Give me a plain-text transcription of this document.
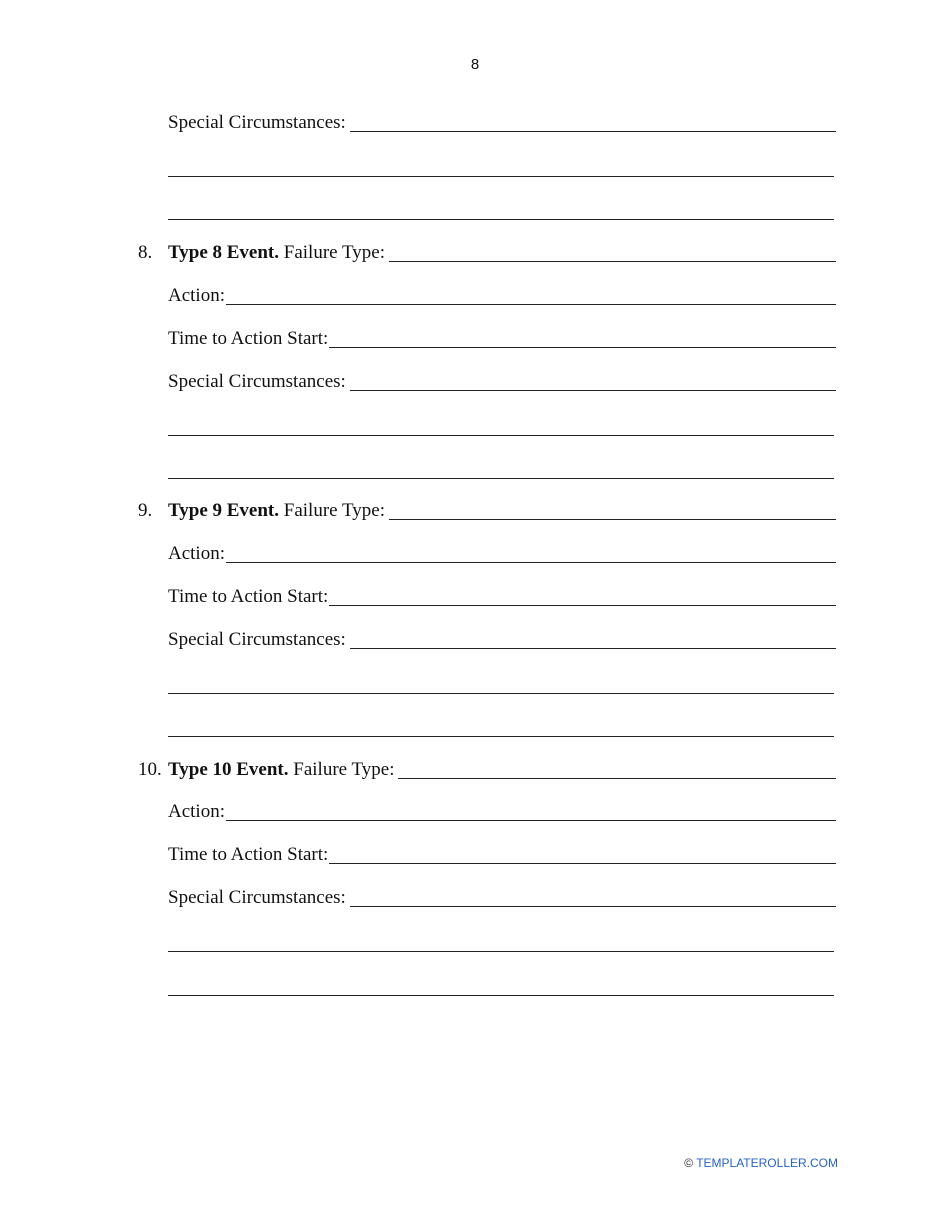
8
Special Circumstances:
8. Type 8 Event. Failure Type:
Action:
Time to Action Start:
Special Circumstances:
9. Type 9 Event. Failure Type:
Action:
Time to Action Start:
Special Circumstances:
10. Type 10 Event. Failure Type:
Action:
Time to Action Start:
Special Circumstances:
© TEMPLATEROLLER.COM
